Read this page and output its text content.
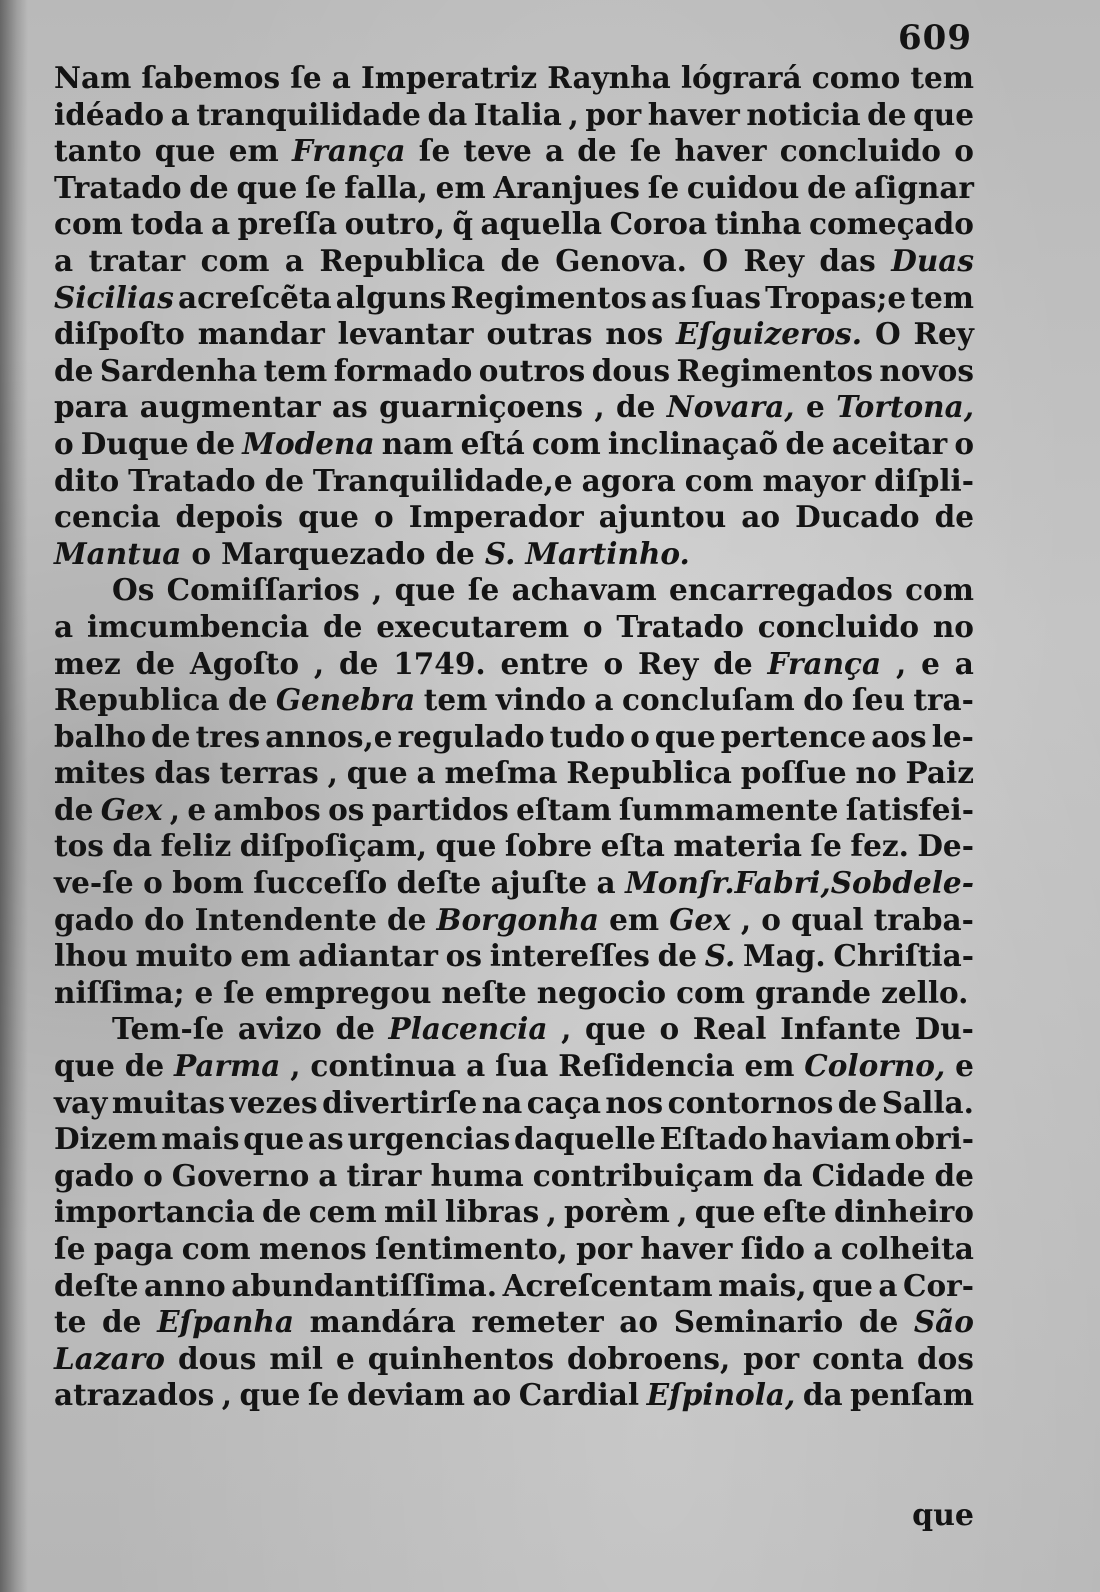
609
Nam ſabemos ſe a Imperatriz Raynha lógrará como tem
idéado a tranquilidade da Italia , por haver noticia de que
tanto que em França ſe teve a de ſe haver concluido o
Tratado de que ſe falla, em Aranjues ſe cuidou de aſignar
com toda a preſſa outro, q̃ aquella Coroa tinha começado
a tratar com a Republica de Genova. O Rey das Duas
Sicilias acreſcẽta alguns Regimentos as ſuas Tropas;e tem
diſpoſto mandar levantar outras nos Eſguizeros. O Rey
de Sardenha tem formado outros dous Regimentos novos
para augmentar as guarniçoens , de Novara, e Tortona,
o Duque de Modena nam eſtá com inclinaçaõ de aceitar o
dito Tratado de Tranquilidade,e agora com mayor diſpli-
cencia depois que o Imperador ajuntou ao Ducado de
Mantua o Marquezado de S. Martinho.
Os Comiſſarios , que ſe achavam encarregados com
a imcumbencia de executarem o Tratado concluido no
mez de Agoſto , de 1749. entre o Rey de França , e a
Republica de Genebra tem vindo a concluſam do ſeu tra-
balho de tres annos,e regulado tudo o que pertence aos le-
mites das terras , que a meſma Republica poſſue no Paiz
de Gex , e ambos os partidos eſtam ſummamente ſatisfei-
tos da feliz diſpoſiçam, que ſobre eſta materia ſe fez. De-
ve-ſe o bom ſucceſſo deſte ajuſte a Monſr.Fabri,Sobdele-
gado do Intendente de Borgonha em Gex , o qual traba-
lhou muito em adiantar os intereſſes de S. Mag. Chriſtia-
niſſima; e ſe empregou neſte negocio com grande zello.
Tem-ſe avizo de Placencia , que o Real Infante Du-
que de Parma , continua a ſua Reſidencia em Colorno, e
vay muitas vezes divertirſe na caça nos contornos de Salla.
Dizem mais que as urgencias daquelle Eſtado haviam obri-
gado o Governo a tirar huma contribuiçam da Cidade de
importancia de cem mil libras , porèm , que eſte dinheiro
ſe paga com menos ſentimento, por haver ſido a colheita
deſte anno abundantiſſima. Acreſcentam mais, que a Cor-
te de Eſpanha mandára remeter ao Seminario de São
Lazaro dous mil e quinhentos dobroens, por conta dos
atrazados , que ſe deviam ao Cardial Eſpinola, da penſam
que
